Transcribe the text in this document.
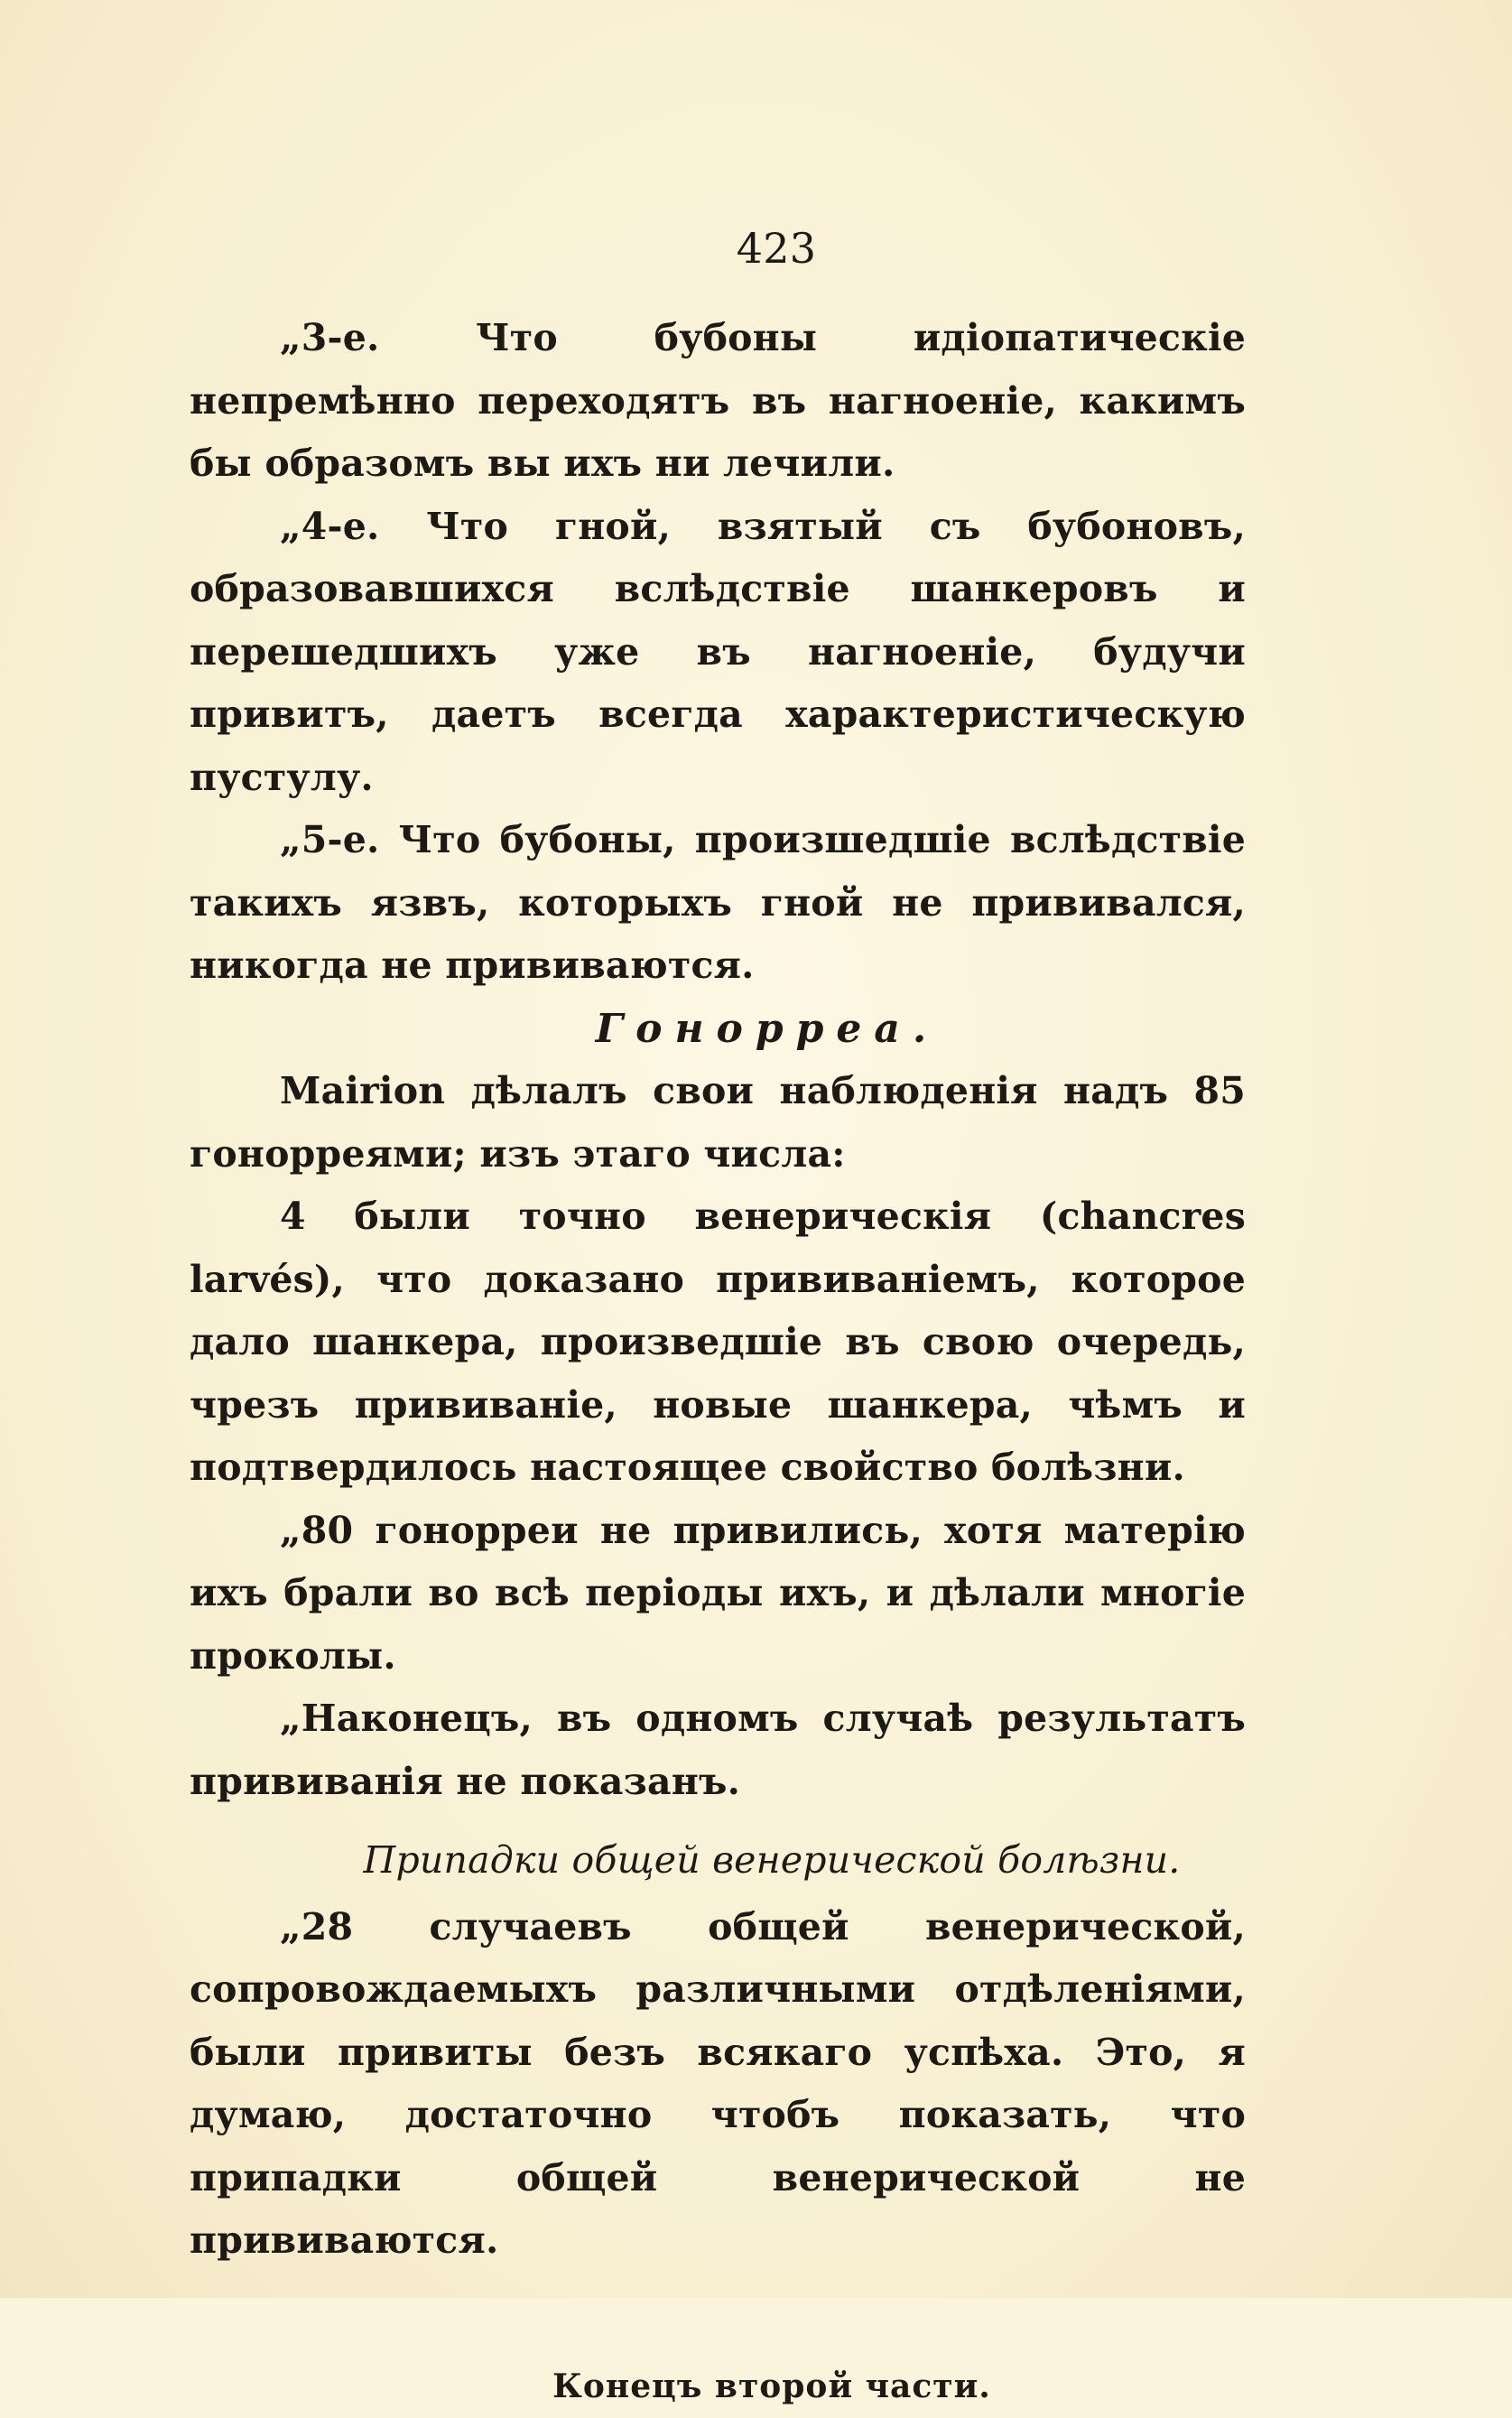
423

„3-е. Что бубоны идіопатическіе непремѣнно переходятъ въ нагноеніе, какимъ бы образомъ вы ихъ ни лечили.

„4-е. Что гной, взятый съ бубоновъ, образовавшихся вслѣдствіе шанкеровъ и перешедшихъ уже въ нагноеніе, будучи привитъ, даетъ всегда характеристическую пустулу.

„5-е. Что бубоны, произшедшіе вслѣдствіе такихъ язвъ, которыхъ гной не прививался, никогда не прививаются.

Гонорреа.

Mairion дѣлалъ свои наблюденія надъ 85 гонорреями; изъ этаго числа:

4 были точно венерическія (chancres larvés), что доказано прививаніемъ, которое дало шанкера, произведшіе въ свою очередь, чрезъ прививаніе, новые шанкера, чѣмъ и подтвердилось настоящее свойство болѣзни.

„80 гонорреи не привились, хотя матерію ихъ брали во всѣ періоды ихъ, и дѣлали многіе проколы.

„Наконецъ, въ одномъ случаѣ результатъ прививанія не показанъ.

Припадки общей венерической болѣзни.

„28 случаевъ общей венерической, сопровождаемыхъ различными отдѣленіями, были привиты безъ всякаго успѣха. Это, я думаю, достаточно чтобъ показать, что припадки общей венерической не прививаются.

Конецъ второй части.
